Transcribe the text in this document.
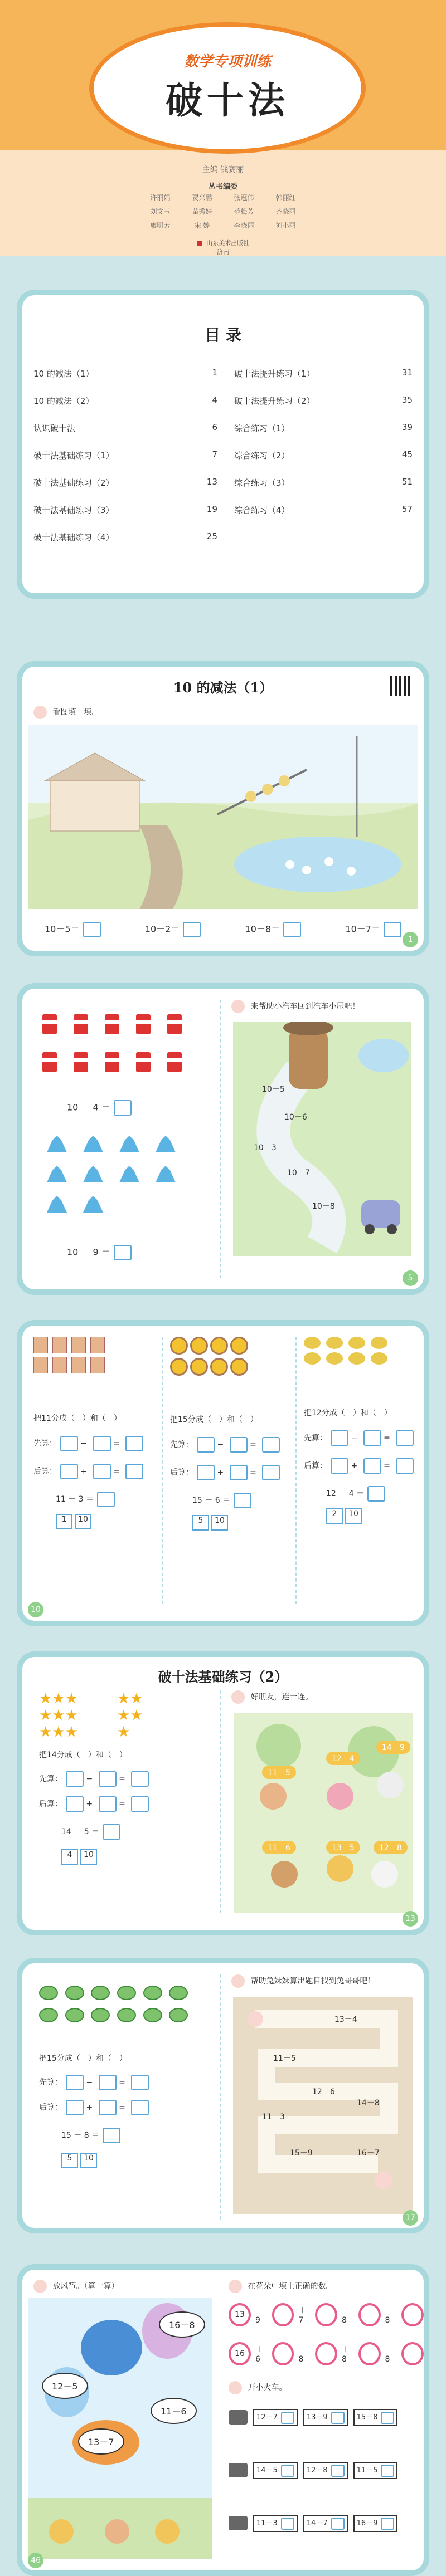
数学专项训练
破十法
主编 钱赛丽
丛书编委
许丽娟	贾兴鹏	张冠伟	韩丽红
刘文玉	苗秀婷	范梅芳	齐晓丽
廖明芳	宋 婷	李晓丽	刘小丽
山东美术出版社
·济南·
目 录
10 的减法（1）	1
10 的减法（2）	4
认识破十法	6
破十法基础练习（1）	7
破十法基础练习（2）	13
破十法基础练习（3）	19
破十法基础练习（4）	25
破十法提升练习（1）	31
破十法提升练习（2）	35
综合练习（1）	39
综合练习（2）	45
综合练习（3）	51
综合练习（4）	57
10 的减法（1）
看图填一填。
10－5＝	10－2＝	10－8＝	10－7＝
1
10 － 4 ＝
10 － 9 ＝
来帮助小汽车回到汽车小屋吧！
10－5
10－6
10－3
10－7
10－8
5
把11分成（　）和（　）
先算：	−	=
后算：	+	=
11 － 3 ＝
1	10
把15分成（　）和（　）
先算：	−	=
后算：	+	=
15 － 6 ＝
5	10
把12分成（　）和（　）
先算：	−	=
后算：	+	=
12 － 4 ＝
2	10
10
破十法基础练习（2）
★★★	★★
★★★	★★
★★★	★
把14分成（　）和（　）
先算：	−	=
后算：	+	=
14 － 5 ＝
4	10
好朋友，连一连。
11－5
12－4
14－9
11－6	13－5	12－8
13
把15分成（　）和（　）
先算：	−	=
后算：	+	=
15 － 8 ＝
5	10
帮助兔妹妹算出题目找到兔哥哥吧！
13－4
11－5
12－6
14－8
11－3
15－9	16－7
17
放风筝。（算一算）
16－8
12－5
13－7
11－6
在花朵中填上正确的数。
13	－9
＋7
－8
－8
16	＋6
－8
＋8
－8
开小火车。
12－7	13－9	15－8
14－5	12－8	11－5
11－3	14－7	16－9
46
